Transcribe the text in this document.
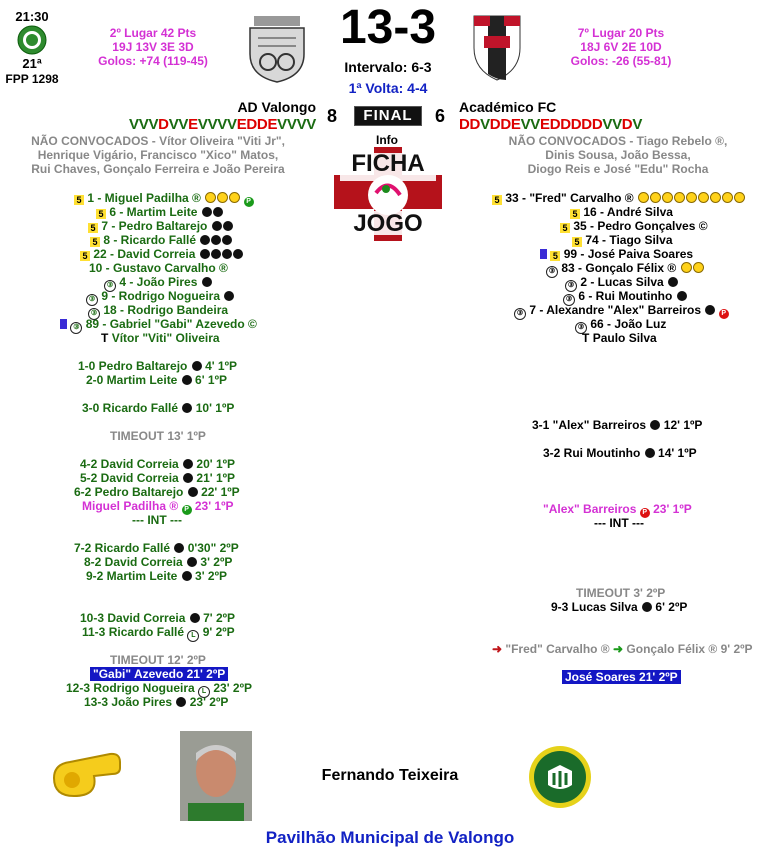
21:30
21ª
FPP 1298
2º Lugar 42 Pts
19J 13V 3E 3D
Golos: +74 (119-45)
13-3
Intervalo: 6-3
1ª Volta: 4-4
7º Lugar 20 Pts
18J 6V 2E 10D
Golos: -26 (55-81)
AD Valongo 8	FINAL	6 Académico FC
VVVDVVEVVVVEDDEVVVV	DDVDDEVVEDDDDDVVDV
Info
FICHA
JOGO
NÃO CONVOCADOS - Vítor Oliveira "Viti Jr",
Henrique Vigário, Francisco "Xico" Matos,
Rui Chaves, Gonçalo Ferreira e João Pereira
NÃO CONVOCADOS - Tiago Rebelo ®,
Dinis Sousa, João Bessa,
Diogo Reis e José "Edu" Rocha
5 1 - Miguel Padilha ®	P
5 6 - Martim Leite
5 7 - Pedro Baltarejo
5 8 - Ricardo Fallé
5 22 - David Correia
10 - Gustavo Carvalho ®
③ 4 - João Pires
③ 9 - Rodrigo Nogueira
③ 18 - Rodrigo Bandeira
③ 89 - Gabriel "Gabi" Azevedo ©
T Vítor "Viti" Oliveira
5 33 - "Fred" Carvalho ®
5 16 - André Silva
5 35 - Pedro Gonçalves ©
5 74 - Tiago Silva
5 99 - José Paiva Soares
③ 83 - Gonçalo Félix ®
③ 2 - Lucas Silva
③ 6 - Rui Moutinho
③ 7 - Alexandre "Alex" Barreiros	P
③ 66 - João Luz
T Paulo Silva
1-0 Pedro Baltarejo 4' 1ºP
2-0 Martim Leite 6' 1ºP
3-0 Ricardo Fallé 10' 1ºP
TIMEOUT 13' 1ºP
4-2 David Correia 20' 1ºP
5-2 David Correia 21' 1ºP
6-2 Pedro Baltarejo 22' 1ºP
Miguel Padilha ® P 23' 1ºP
--- INT ---
7-2 Ricardo Fallé 0'30" 2ºP
8-2 David Correia 3' 2ºP
9-2 Martim Leite 3' 2ºP
10-3 David Correia 7' 2ºP
11-3 Ricardo Fallé L 9' 2ºP
TIMEOUT 12' 2ºP
"Gabi" Azevedo 21' 2ºP
12-3 Rodrigo Nogueira L 23' 2ºP
13-3 João Pires 23' 2ºP
3-1 "Alex" Barreiros 12' 1ºP
3-2 Rui Moutinho 14' 1ºP
"Alex" Barreiros P 23' 1ºP
--- INT ---
TIMEOUT 3' 2ºP
9-3 Lucas Silva 6' 2ºP
➜ "Fred" Carvalho ® ➜ Gonçalo Félix ® 9' 2ºP
José Soares 21' 2ºP
Fernando Teixeira
Pavilhão Municipal de Valongo
